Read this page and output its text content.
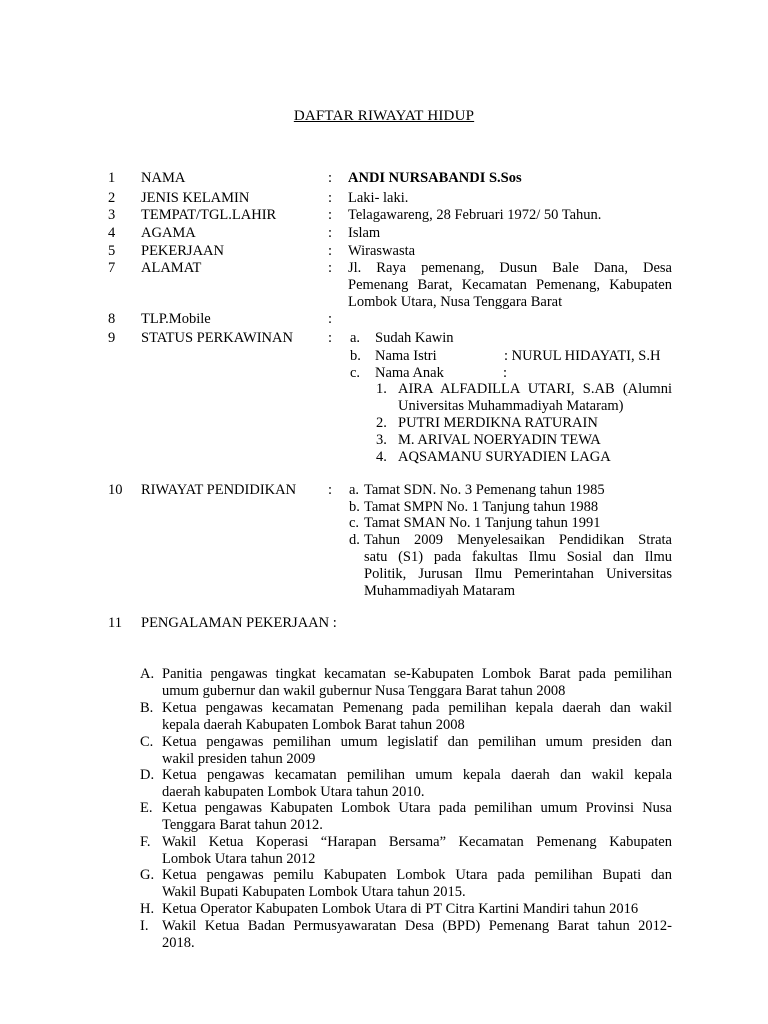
DAFTAR RIWAYAT HIDUP
1 NAMA	: ANDI NURSABANDI S.Sos
2 JENIS KELAMIN	: Laki- laki.
3 TEMPAT/TGL.LAHIR	: Telagawareng, 28 Februari 1972/ 50 Tahun.
4 AGAMA	: Islam
5 PEKERJAAN	: Wiraswasta
7 ALAMAT	: Jl. Raya pemenang, Dusun Bale Dana, Desa
Pemenang Barat, Kecamatan Pemenang, Kabupaten
Lombok Utara, Nusa Tenggara Barat
8 TLP.Mobile	:
9 STATUS PERKAWINAN : a. Sudah Kawin
b. Nama Istri	: NURUL HIDAYATI, S.H
c. Nama Anak	:
1. AIRA ALFADILLA UTARI, S.AB (Alumni
Universitas Muhammadiyah Mataram)
2. PUTRI MERDIKNA RATURAIN
3. M. ARIVAL NOERYADIN TEWA
4. AQSAMANU SURYADIEN LAGA
10 RIWAYAT PENDIDIKAN : a. Tamat SDN. No. 3 Pemenang tahun 1985
b. Tamat SMPN No. 1 Tanjung tahun 1988
c. Tamat SMAN No. 1 Tanjung tahun 1991
d. Tahun 2009 Menyelesaikan Pendidikan Strata
satu (S1) pada fakultas Ilmu Sosial dan Ilmu
Politik, Jurusan Ilmu Pemerintahan Universitas
Muhammadiyah Mataram
11 PENGALAMAN PEKERJAAN :
A. Panitia pengawas tingkat kecamatan se-Kabupaten Lombok Barat pada pemilihan
umum gubernur dan wakil gubernur Nusa Tenggara Barat tahun 2008
B. Ketua pengawas kecamatan Pemenang pada pemilihan kepala daerah dan wakil
kepala daerah Kabupaten Lombok Barat tahun 2008
C. Ketua pengawas pemilihan umum legislatif dan pemilihan umum presiden dan
wakil presiden tahun 2009
D. Ketua pengawas kecamatan pemilihan umum kepala daerah dan wakil kepala
daerah kabupaten Lombok Utara tahun 2010.
E. Ketua pengawas Kabupaten Lombok Utara pada pemilihan umum Provinsi Nusa
Tenggara Barat tahun 2012.
F. Wakil Ketua Koperasi “Harapan Bersama” Kecamatan Pemenang Kabupaten
Lombok Utara tahun 2012
G. Ketua pengawas pemilu Kabupaten Lombok Utara pada pemilihan Bupati dan
Wakil Bupati Kabupaten Lombok Utara tahun 2015.
H. Ketua Operator Kabupaten Lombok Utara di PT Citra Kartini Mandiri tahun 2016
I. Wakil Ketua Badan Permusyawaratan Desa (BPD) Pemenang Barat tahun 2012-
2018.
